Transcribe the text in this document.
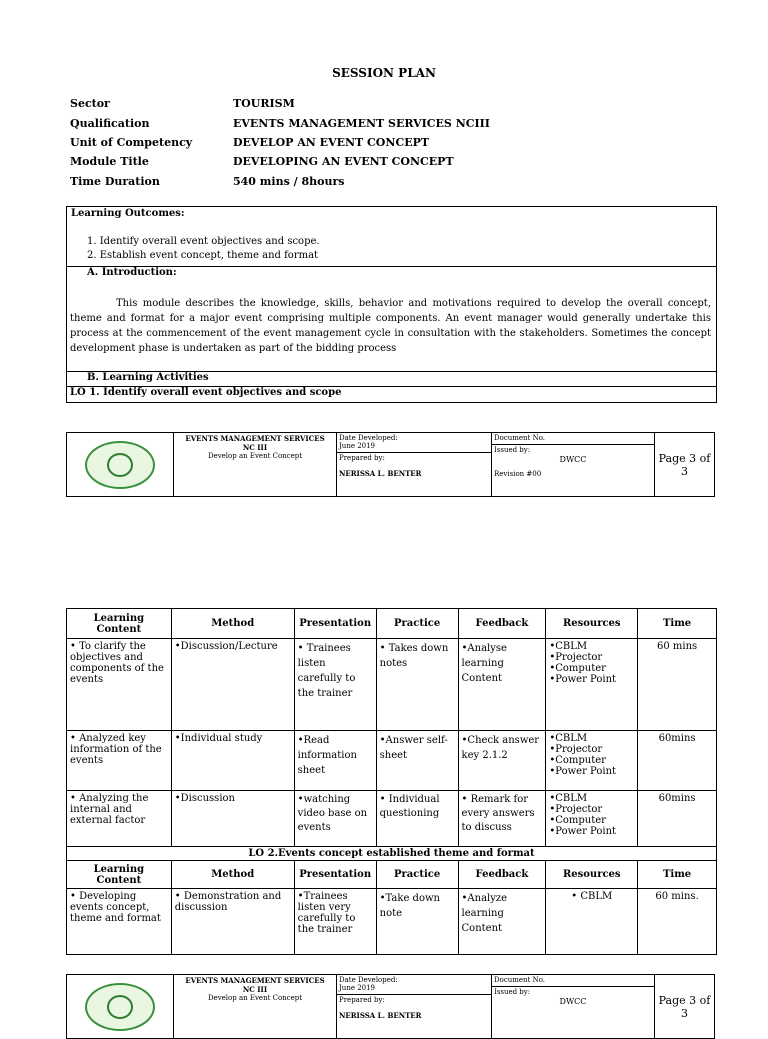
SESSION PLAN
Sector	TOURISM
Qualification	EVENTS MANAGEMENT SERVICES NCIII
Unit of Competency	DEVELOP AN EVENT CONCEPT
Module Title	DEVELOPING AN EVENT CONCEPT
Time Duration	540 mins / 8hours
Learning Outcomes:
1. Identify overall event objectives and scope.
2. Establish event concept, theme and format
A. Introduction:
This module describes the knowledge, skills, behavior and motivations required to develop the overall concept, theme and format for a major event comprising multiple components. An event manager would generally undertake this process at the commencement of the event management cycle in consultation with the stakeholders. Sometimes the concept development phase is undertaken as part of the bidding process
B. Learning Activities
LO 1. Identify overall event objectives and scope

EVENTS MANAGEMENT SERVICES
NC III
Develop an Event Concept

Date Developed:
June 2019
Prepared by:
NERISSA L. BENTER

Document No.
Issued by:
DWCC
Revision #00
	Page 3 of 3
Learning Content	Method	Presentation	Practice	Feedback	Resources	Time
• To clarify the objectives and components of the events	•Discussion/Lecture	• Trainees listen carefully to the trainer	• Takes down notes	•Analyse learning Content	•CBLM
•Projector
•Computer
•Power Point	60 mins
• Analyzed key information of the events	•Individual study	•Read information sheet	•Answer self-sheet	•Check answer key 2.1.2	•CBLM
•Projector
•Computer
•Power Point	60mins
• Analyzing the internal and external factor	•Discussion	•watching video base on events	• Individual questioning	• Remark for every answers to discuss	•CBLM
•Projector
•Computer
•Power Point	60mins
LO 2.Events concept established theme and format						
Learning Content	Method	Presentation	Practice	Feedback	Resources	Time
• Developing events concept, theme and format	• Demonstration and discussion	•Trainees listen very carefully to the trainer	•Take down note	•Analyze learning Content	• CBLM	60 mins.

EVENTS MANAGEMENT SERVICES
NC III
Develop an Event Concept

Date Developed:
June 2019
Prepared by:
NERISSA L. BENTER

Document No.
Issued by:
DWCC	Page 3 of 3
